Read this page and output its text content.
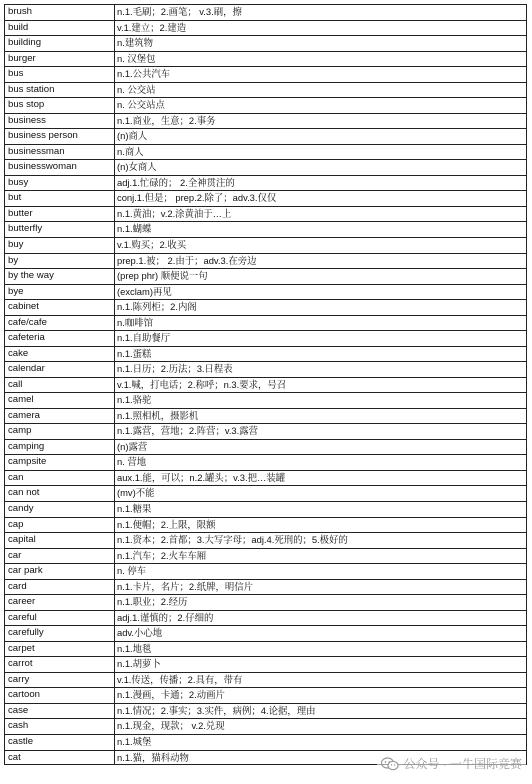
brush	n.1.毛刷；2.画笔； v.3.刷，擦
build	v.1.建立；2.建造
building	n.建筑物
burger	n. 汉堡包
bus	n.1.公共汽车
bus station	n. 公交站
bus stop	n. 公交站点
business	n.1.商业，生意；2.事务
business person	(n)商人
businessman	n.商人
businesswoman	(n)女商人
busy	adj.1.忙碌的； 2.全神贯注的
but	conj.1.但是； prep.2.除了；adv.3.仅仅
butter	n.1.黄油；v.2.涂黄油于…上
butterfly	n.1.蝴蝶
buy	v.1.购买；2.收买
by	prep.1.被； 2.由于；adv.3.在旁边
by the way	(prep phr) 顺便说一句
bye	(exclam)再见
cabinet	n.1.陈列柜；2.内阁
cafe/cafe	n.咖啡馆
cafeteria	n.1.自助餐厅
cake	n.1.蛋糕
calendar	n.1.日历；2.历法；3.日程表
call	v.1.喊，打电话；2.称呼；n.3.要求，号召
camel	n.1.骆驼
camera	n.1.照相机，摄影机
camp	n.1.露营，营地；2.阵营；v.3.露营
camping	(n)露营
campsite	n. 营地
can	aux.1.能，可以；n.2.罐头；v.3.把…装罐
can not	(mv)不能
candy	n.1.糖果
cap	n.1.便帽；2.上限，限额
capital	n.1.资本；2.首都；3.大写字母；adj.4.死刑的；5.极好的
car	n.1.汽车；2.火车车厢
car park	n. 停车
card	n.1.卡片，名片；2.纸牌，明信片
career	n.1.职业；2.经历
careful	adj.1.谨慎的；2.仔细的
carefully	adv.小心地
carpet	n.1.地毯
carrot	n.1.胡萝卜
carry	v.1.传送，传播；2.具有，带有
cartoon	n.1.漫画，卡通；2.动画片
case	n.1.情况；2.事实；3.实件，病例；4.论据，理由
cash	n.1.现金，现款； v.2.兑现
castle	n.1.城堡
cat	n.1.猫，猫科动物	公众号 · 一牛国际竞赛
